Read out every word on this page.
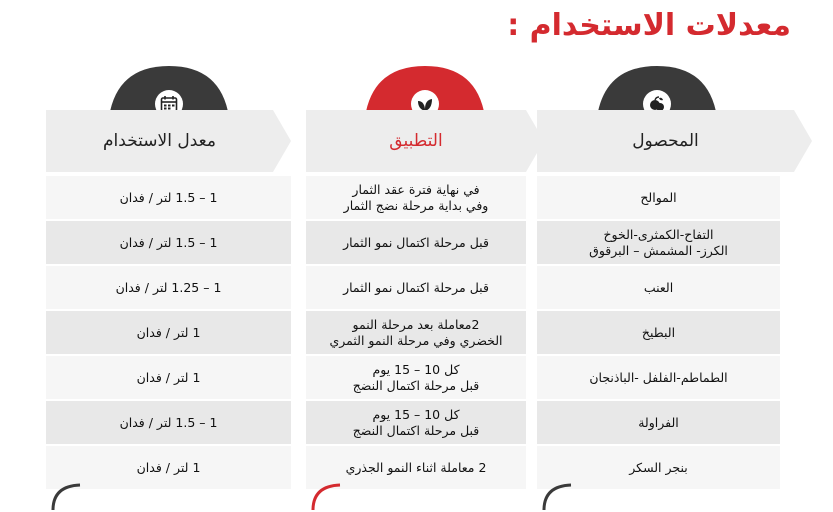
معدلات الاستخدام :
معدل الاستخدام
1 – 1.5 لتر / فدان
1 – 1.5 لتر / فدان
1 – 1.25 لتر / فدان
1 لتر / فدان
1 لتر / فدان
1 – 1.5 لتر / فدان
1 لتر / فدان
التطبيق
في نهاية فترة عقد الثمار
وفي بداية مرحلة نضج الثمار
قبل مرحلة اكتمال نمو الثمار
قبل مرحلة اكتمال نمو الثمار
2معاملة بعد مرحلة النمو
الخضري وفي مرحلة النمو الثمري
كل 10 – 15 يوم
قبل مرحلة اكتمال النضج
كل 10 – 15 يوم
قبل مرحلة اكتمال النضج
2 معاملة اثناء النمو الجذري
المحصول
الموالح
التفاح-الكمثرى-الخوخ
الكرز- المشمش – البرقوق
العنب
البطيخ
الطماطم-الفلفل -الباذنجان
الفراولة
بنجر السكر
